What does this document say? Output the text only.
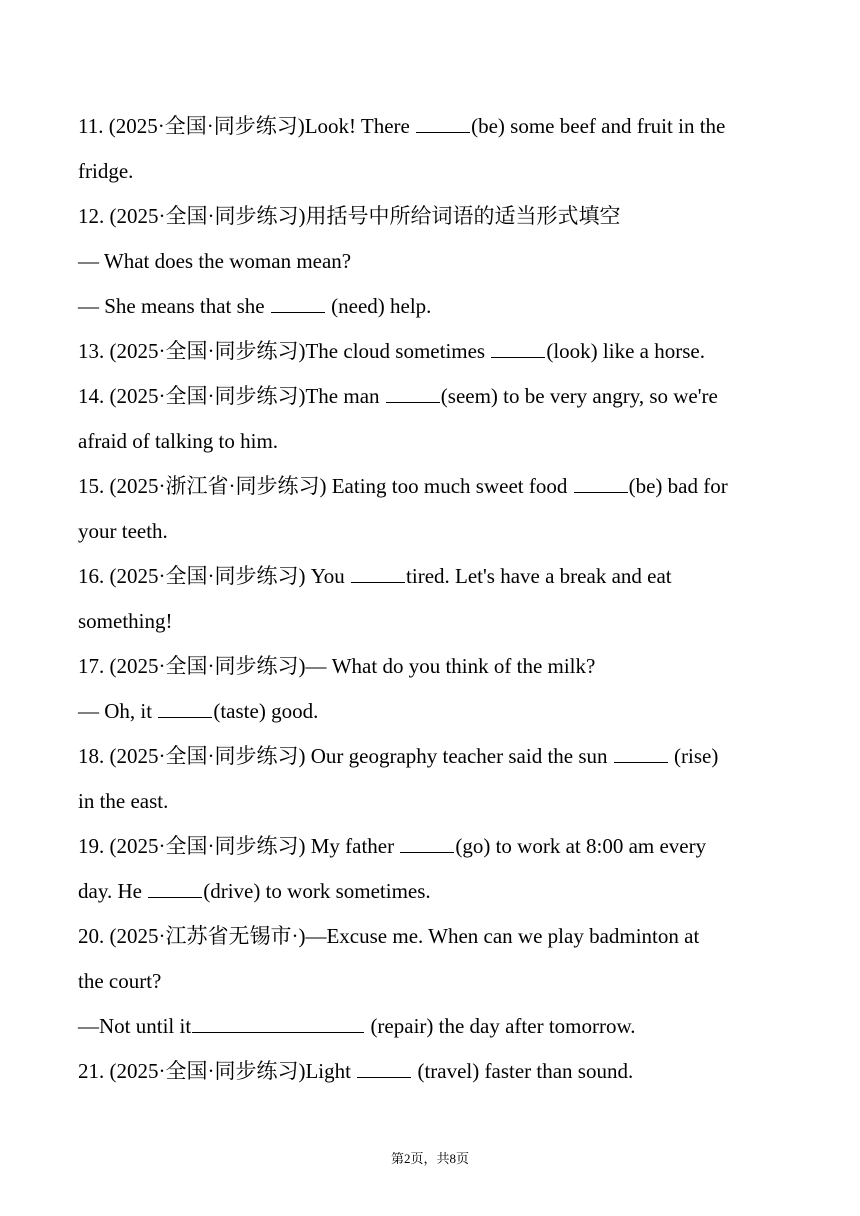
11. (2025·全国·同步练习)Look! There	(be) some beef and fruit in the
fridge.
12. (2025·全国·同步练习)用括号中所给词语的适当形式填空
— What does the woman mean?
— She means that she	(need) help.
13. (2025·全国·同步练习)The cloud sometimes	(look) like a horse.
14. (2025·全国·同步练习)The man	(seem) to be very angry, so we're
afraid of talking to him.
15. (2025·浙江省·同步练习) Eating too much sweet food	(be) bad for
your teeth.
16. (2025·全国·同步练习) You	tired. Let's have a break and eat
something!
17. (2025·全国·同步练习)— What do you think of the milk?
— Oh, it	(taste) good.
18. (2025·全国·同步练习) Our geography teacher said the sun	(rise)
in the east.
19. (2025·全国·同步练习) My father	(go) to work at 8:00 am every
day. He	(drive) to work sometimes.
20. (2025·江苏省无锡市·)—Excuse me. When can we play badminton at
the court?
—Not until it	(repair) the day after tomorrow.
21. (2025·全国·同步练习)Light	(travel) faster than sound.
第2页，共8页
